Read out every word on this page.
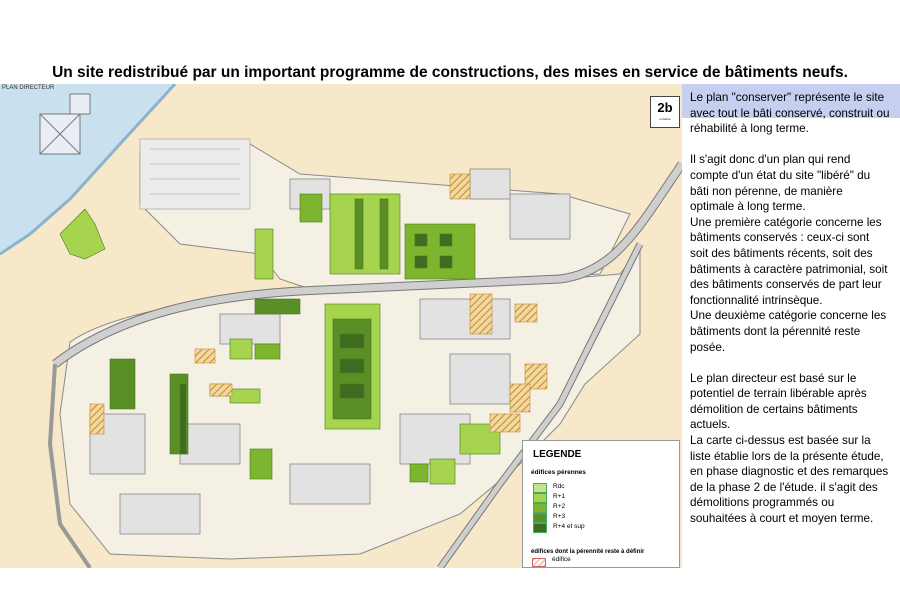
Un site redistribué par un important programme de constructions, des mises en service de bâtiments neufs.
PLAN DIRECTEUR
2b
schéma
LEGENDE
édifices pérennes
Rdc
R+1
R+2
R+3
R+4 et sup
édifices dont la pérennité reste à définir
édifice

Le plan "conserver" représente le site avec tout le bâti conservé, construit ou réhabilité à long terme.

Il s'agit donc d'un plan qui rend compte d'un état du site "libéré" du bâti non pérenne, de manière optimale à long terme.
Une première catégorie concerne les bâtiments conservés : ceux-ci sont soit des bâtiments récents, soit des bâtiments à caractère patrimonial, soit des bâtiments conservés de part leur fonctionnalité intrinsèque.
Une deuxième catégorie concerne les bâtiments dont la pérennité reste posée.

Le plan directeur est basé sur le potentiel de terrain libérable après démolition de certains bâtiments actuels.
La carte ci-dessus est basée sur la liste établie lors de la présente étude, en phase diagnostic et des remarques de la phase 2 de l'étude. il s'agit des démolitions programmés ou souhaitées à court et moyen terme.
